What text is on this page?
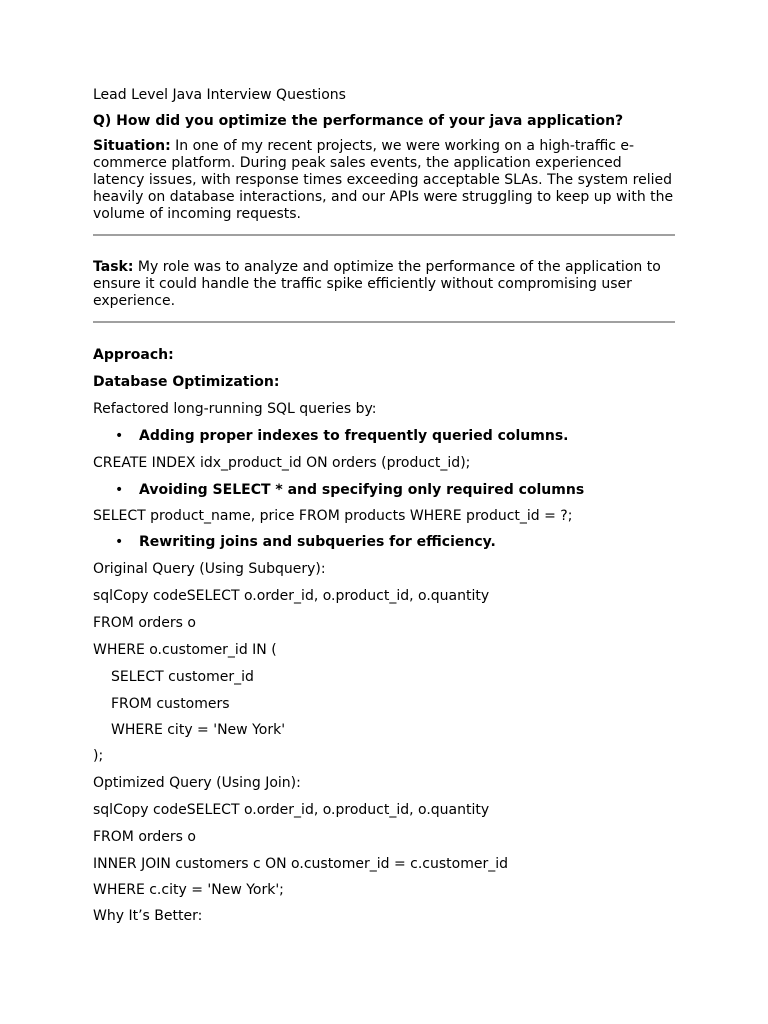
Lead Level Java Interview Questions

Q) How did you optimize the performance of your java application?

Situation: In one of my recent projects, we were working on a high-traffic e-commerce platform. During peak sales events, the application experienced latency issues, with response times exceeding acceptable SLAs. The system relied heavily on database interactions, and our APIs were struggling to keep up with the volume of incoming requests.

Task: My role was to analyze and optimize the performance of the application to ensure it could handle the traffic spike efficiently without compromising user experience.

Approach:

Database Optimization:

Refactored long-running SQL queries by:

• Adding proper indexes to frequently queried columns.

CREATE INDEX idx_product_id ON orders (product_id);

• Avoiding SELECT * and specifying only required columns

SELECT product_name, price FROM products WHERE product_id = ?;

• Rewriting joins and subqueries for efficiency.

Original Query (Using Subquery):

sqlCopy codeSELECT o.order_id, o.product_id, o.quantity

FROM orders o

WHERE o.customer_id IN (

SELECT customer_id

FROM customers

WHERE city = 'New York'

);

Optimized Query (Using Join):

sqlCopy codeSELECT o.order_id, o.product_id, o.quantity

FROM orders o

INNER JOIN customers c ON o.customer_id = c.customer_id

WHERE c.city = 'New York';

Why It’s Better:
